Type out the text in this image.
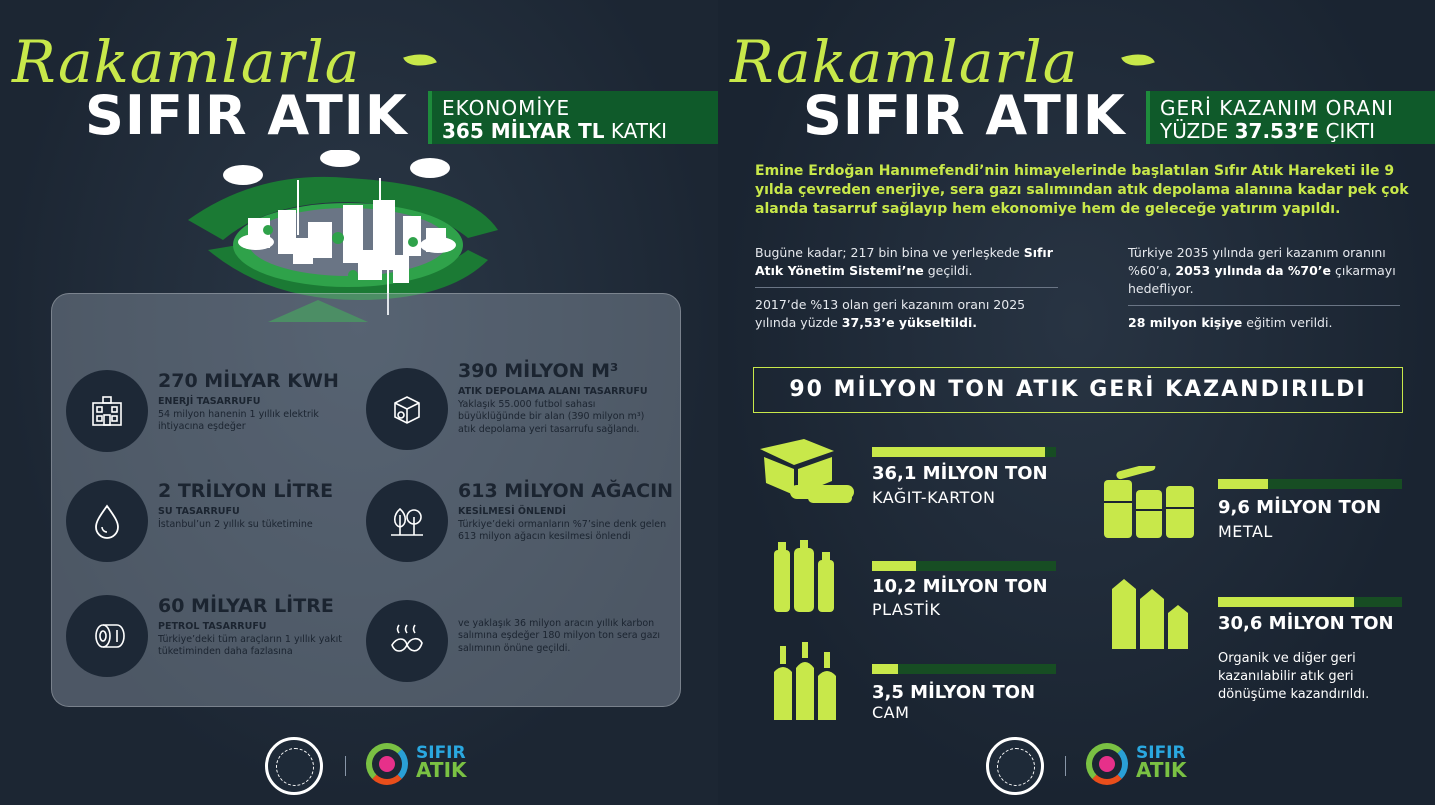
Rakamlarla
SIFIR ATIK EKONOMİYE
365 MİLYAR TL KATKI
270 MİLYAR KWH
ENERJİ TASARRUFU
54 milyon hanenin 1 yıllık elektrik ihtiyacına eşdeğer
390 MİLYON M³
ATIK DEPOLAMA ALANI TASARRUFU
Yaklaşık 55.000 futbol sahası büyüklüğünde bir alan (390 milyon m³) atık depolama yeri tasarrufu sağlandı.
2 TRİLYON LİTRE
SU TASARRUFU
İstanbul’un 2 yıllık su tüketimine
613 MİLYON AĞACIN
KESİLMESİ ÖNLENDİ
Türkiye’deki ormanların %7’sine denk gelen 613 milyon ağacın kesilmesi önlendi
60 MİLYAR LİTRE
PETROL TASARRUFU
Türkiye’deki tüm araçların 1 yıllık yakıt tüketiminden daha fazlasına
ve yaklaşık 36 milyon aracın yıllık karbon salımına eşdeğer 180 milyon ton sera gazı salımının önüne geçildi.
SIFIR
ATIK
Rakamlarla
SIFIR ATIK GERİ KAZANIM ORANI
YÜZDE 37.53’E ÇIKTI
Emine Erdoğan Hanımefendi’nin himayelerinde başlatılan Sıfır Atık Hareketi ile 9 yılda çevreden enerjiye, sera gazı salımından atık depolama alanına kadar pek çok alanda tasarruf sağlayıp hem ekonomiye hem de geleceğe yatırım yapıldı.
Bugüne kadar; 217 bin bina ve yerleşkede Sıfır Atık Yönetim Sistemi’ne geçildi.
2017’de %13 olan geri kazanım oranı 2025 yılında yüzde 37,53’e yükseltildi.
Türkiye 2035 yılında geri kazanım oranını %60’a, 2053 yılında da %70’e çıkarmayı hedefliyor.
28 milyon kişiye eğitim verildi.
90 MİLYON TON ATIK GERİ KAZANDIRILDI
36,1 MİLYON TON
KAĞIT-KARTON
10,2 MİLYON TON
PLASTİK
3,5 MİLYON TON
CAM
9,6 MİLYON TON
METAL
30,6 MİLYON TON
Organik ve diğer geri kazanılabilir atık geri dönüşüme kazandırıldı.
SIFIR
ATIK
